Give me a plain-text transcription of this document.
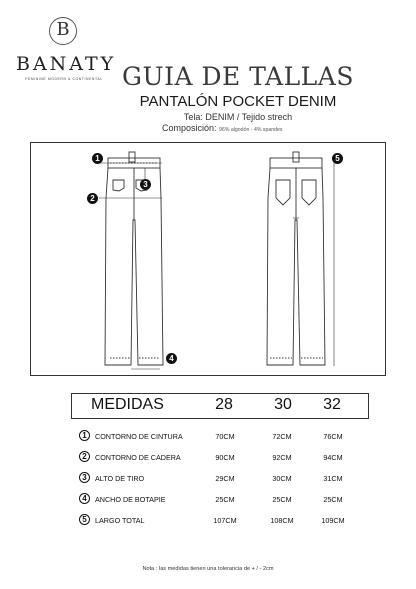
B
BANATY
FEMININE MODERN & CONTINENTAL GUIA DE TALLAS
PANTALÓN POCKET DENIM
Tela: DENIM / Tejido strech
Composición: 96% algodón - 4% spandex
1
2
3
4
5
MEDIDAS	28	30	32
1	CONTORNO DE CINTURA	70CM	72CM	76CM
2	CONTORNO DE CADERA	90CM	92CM	94CM
3	ALTO DE TIRO	29CM	30CM	31CM
4	ANCHO DE BOTAPIE	25CM	25CM	25CM
5	LARGO TOTAL	107CM	108CM	109CM
Nota : las medidas tienen una tolerancia de + / - 2cm
